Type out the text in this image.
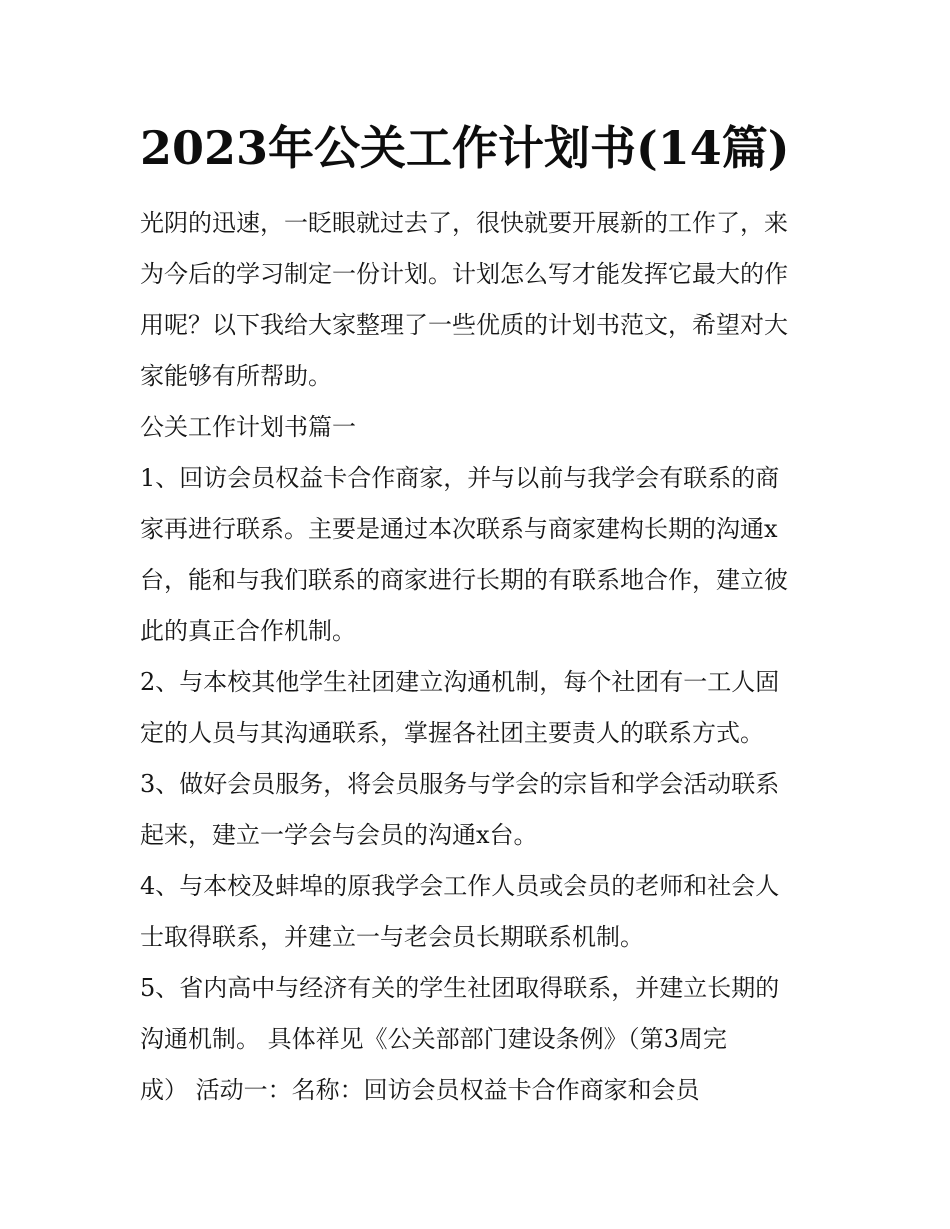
2023年公关工作计划书(14篇)
光阴的迅速，一眨眼就过去了，很快就要开展新的工作了，来
为今后的学习制定一份计划。计划怎么写才能发挥它最大的作
用呢？以下我给大家整理了一些优质的计划书范文，希望对大
家能够有所帮助。
公关工作计划书篇一
1、回访会员权益卡合作商家，并与以前与我学会有联系的商
家再进行联系。主要是通过本次联系与商家建构长期的沟通x
台，能和与我们联系的商家进行长期的有联系地合作，建立彼
此的真正合作机制。
2、与本校其他学生社团建立沟通机制，每个社团有一工人固
定的人员与其沟通联系，掌握各社团主要责人的联系方式。
3、做好会员服务，将会员服务与学会的宗旨和学会活动联系
起来，建立一学会与会员的沟通x台。
4、与本校及蚌埠的原我学会工作人员或会员的老师和社会人
士取得联系，并建立一与老会员长期联系机制。
5、省内高中与经济有关的学生社团取得联系，并建立长期的
沟通机制。 具体祥见《公关部部门建设条例》（第3周完
成） 活动一：名称：回访会员权益卡合作商家和会员
